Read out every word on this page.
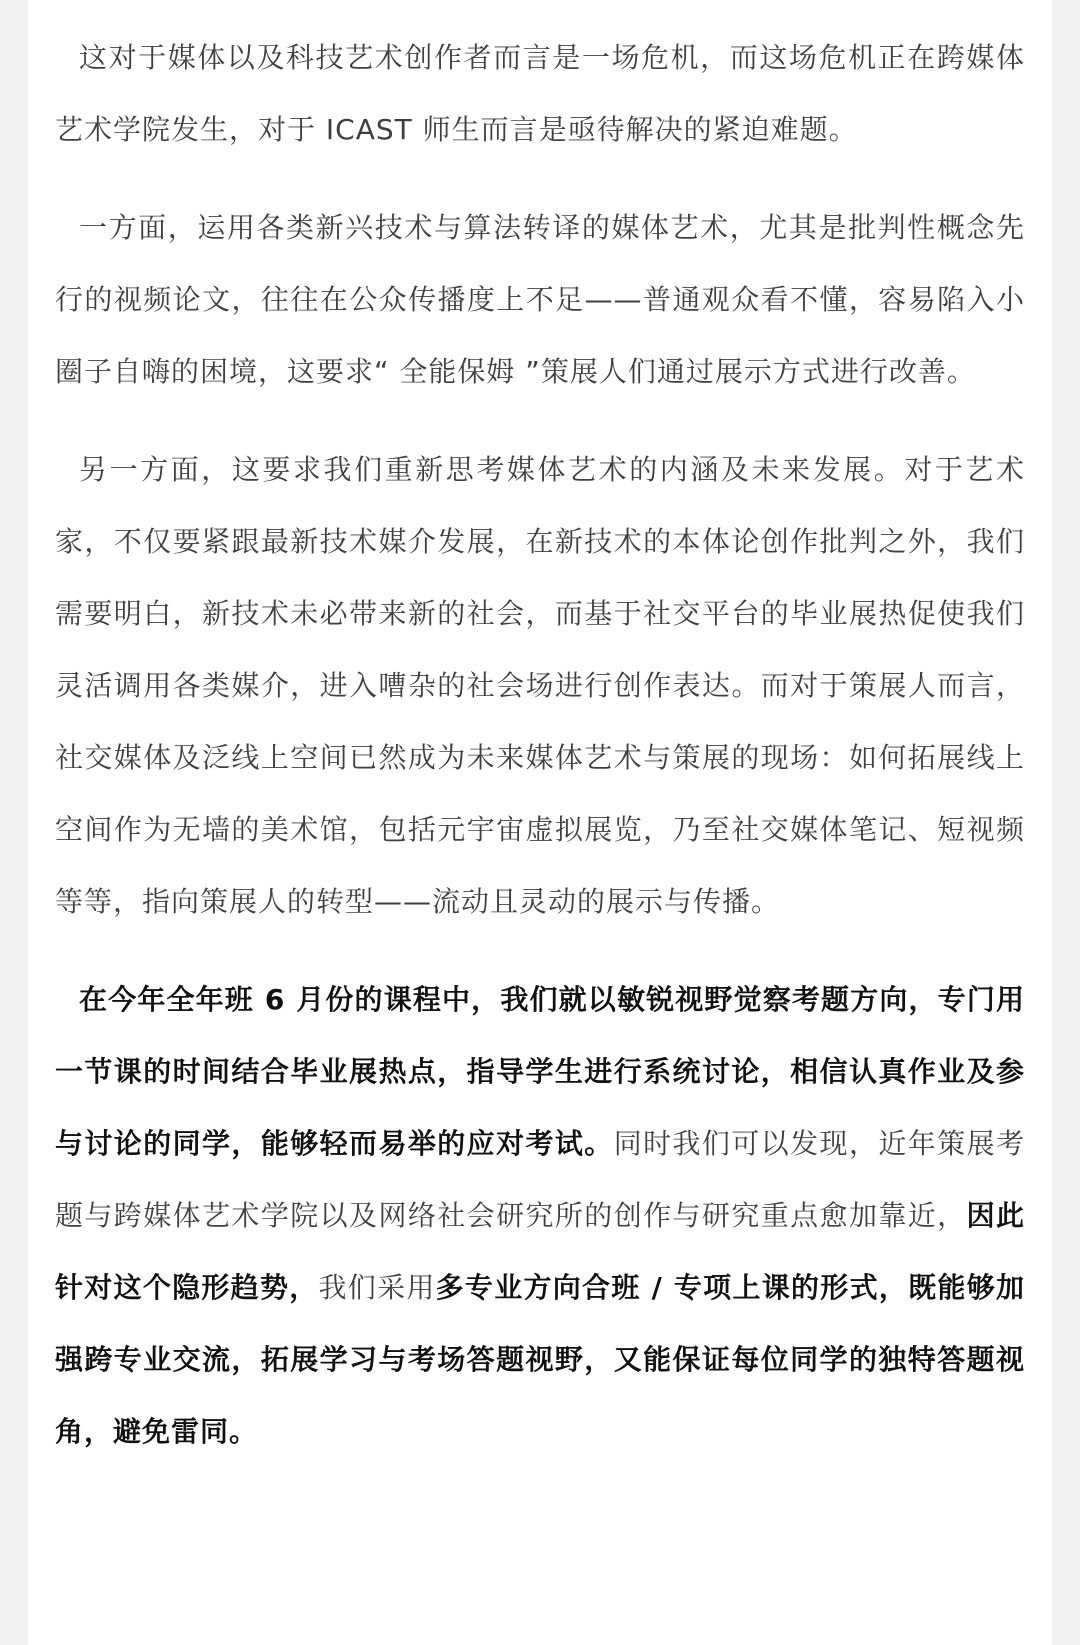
这对于媒体以及科技艺术创作者而言是一场危机，而这场危机正在跨媒体艺术学院发生，对于 ICAST 师生而言是亟待解决的紧迫难题。

一方面，运用各类新兴技术与算法转译的媒体艺术，尤其是批判性概念先行的视频论文，往往在公众传播度上不足——普通观众看不懂，容易陷入小圈子自嗨的困境，这要求“ 全能保姆 ”策展人们通过展示方式进行改善。

另一方面，这要求我们重新思考媒体艺术的内涵及未来发展。对于艺术家，不仅要紧跟最新技术媒介发展，在新技术的本体论创作批判之外，我们需要明白，新技术未必带来新的社会，而基于社交平台的毕业展热促使我们灵活调用各类媒介，进入嘈杂的社会场进行创作表达。而对于策展人而言，社交媒体及泛线上空间已然成为未来媒体艺术与策展的现场：如何拓展线上空间作为无墙的美术馆，包括元宇宙虚拟展览，乃至社交媒体笔记、短视频等等，指向策展人的转型——流动且灵动的展示与传播。

在今年全年班 6 月份的课程中，我们就以敏锐视野觉察考题方向，专门用一节课的时间结合毕业展热点，指导学生进行系统讨论，相信认真作业及参与讨论的同学，能够轻而易举的应对考试。同时我们可以发现，近年策展考题与跨媒体艺术学院以及网络社会研究所的创作与研究重点愈加靠近，因此针对这个隐形趋势，我们采用多专业方向合班 / 专项上课的形式，既能够加强跨专业交流，拓展学习与考场答题视野，又能保证每位同学的独特答题视角，避免雷同。
